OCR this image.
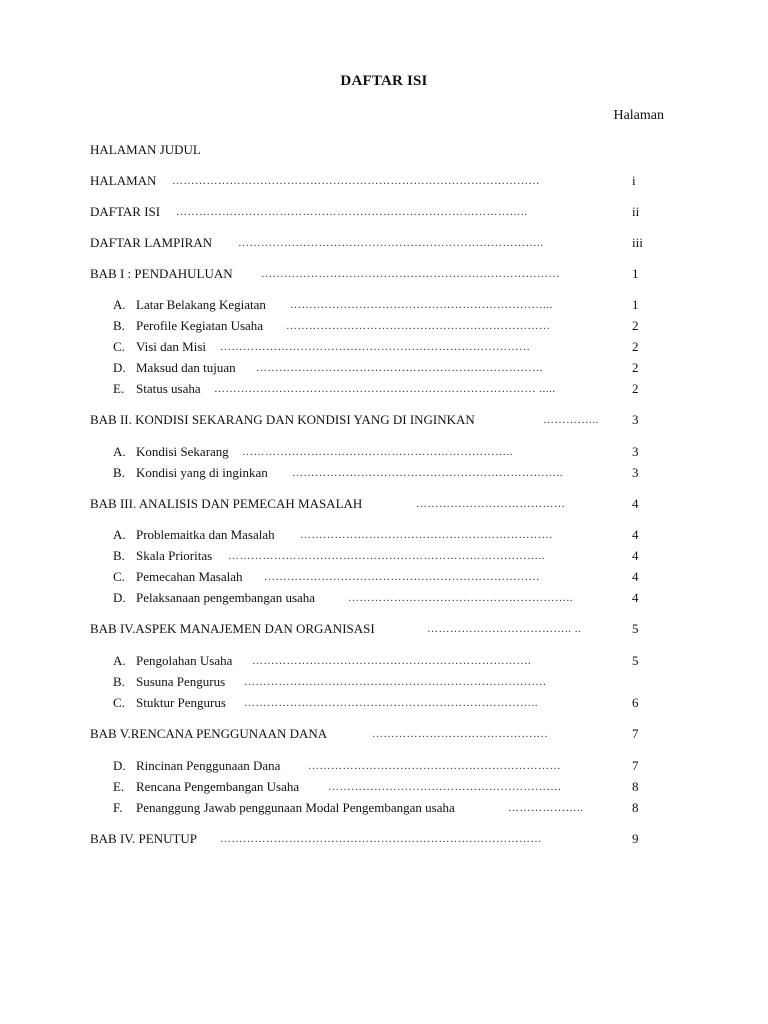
DAFTAR ISI
Halaman
HALAMAN JUDUL
HALAMAN ……………………………………………………………………………………	i
DAFTAR ISI ………………………………………………………………………………..	ii
DAFTAR LAMPIRAN ……………………………………………………………………..	iii
BAB I : PENDAHULUAN	……………………………………………………………………	1
A. Latar Belakang Kegiatan …………………………………………………………...	1
B. Perofile Kegiatan Usaha ……………………………………………………………	2
C. Visi dan Misi ………………………………………………………………………	2
D. Maksud dan tujuan …………………………………………………………………	2
E. Status usaha ………………………………………………………………………… .....	2
BAB II. KONDISI SEKARANG DAN KONDISI YANG DI INGINKAN	…………...	3
A. Kondisi Sekarang ……………………………………………………………..	3
B. Kondisi yang di inginkan ……………………………………………………………..	3
BAB III. ANALISIS DAN PEMECAH MASALAH	…………………………………	4
A. Problemaitka dan Masalah …………………………………………………………	4
B. Skala Prioritas ………………………………………………………………………..	4
C. Pemecahan Masalah ………………………………………………………………	4
D. Pelaksanaan pengembangan usaha	…………………………………………………..	4
BAB IV.ASPEK MANAJEMEN DAN ORGANISASI	……………………………….. ..	5
A. Pengolahan Usaha ……………………………………………………………….	5
B. Susuna Pengurus …………………………………………………………………….
C. Stuktur Pengurus …………………………………………………………………..	6
BAB V.RENCANA PENGGUNAAN DANA	……………………………………….	7
D. Rincinan Penggunaan Dana	…………………………………………………………	7
E. Rencana Pengembangan Usaha	…………………………………………………….	8
F. Penanggung Jawab penggunaan Modal Pengembangan usaha	………………..	8
BAB IV. PENUTUP …………………………………………………………………………	9
